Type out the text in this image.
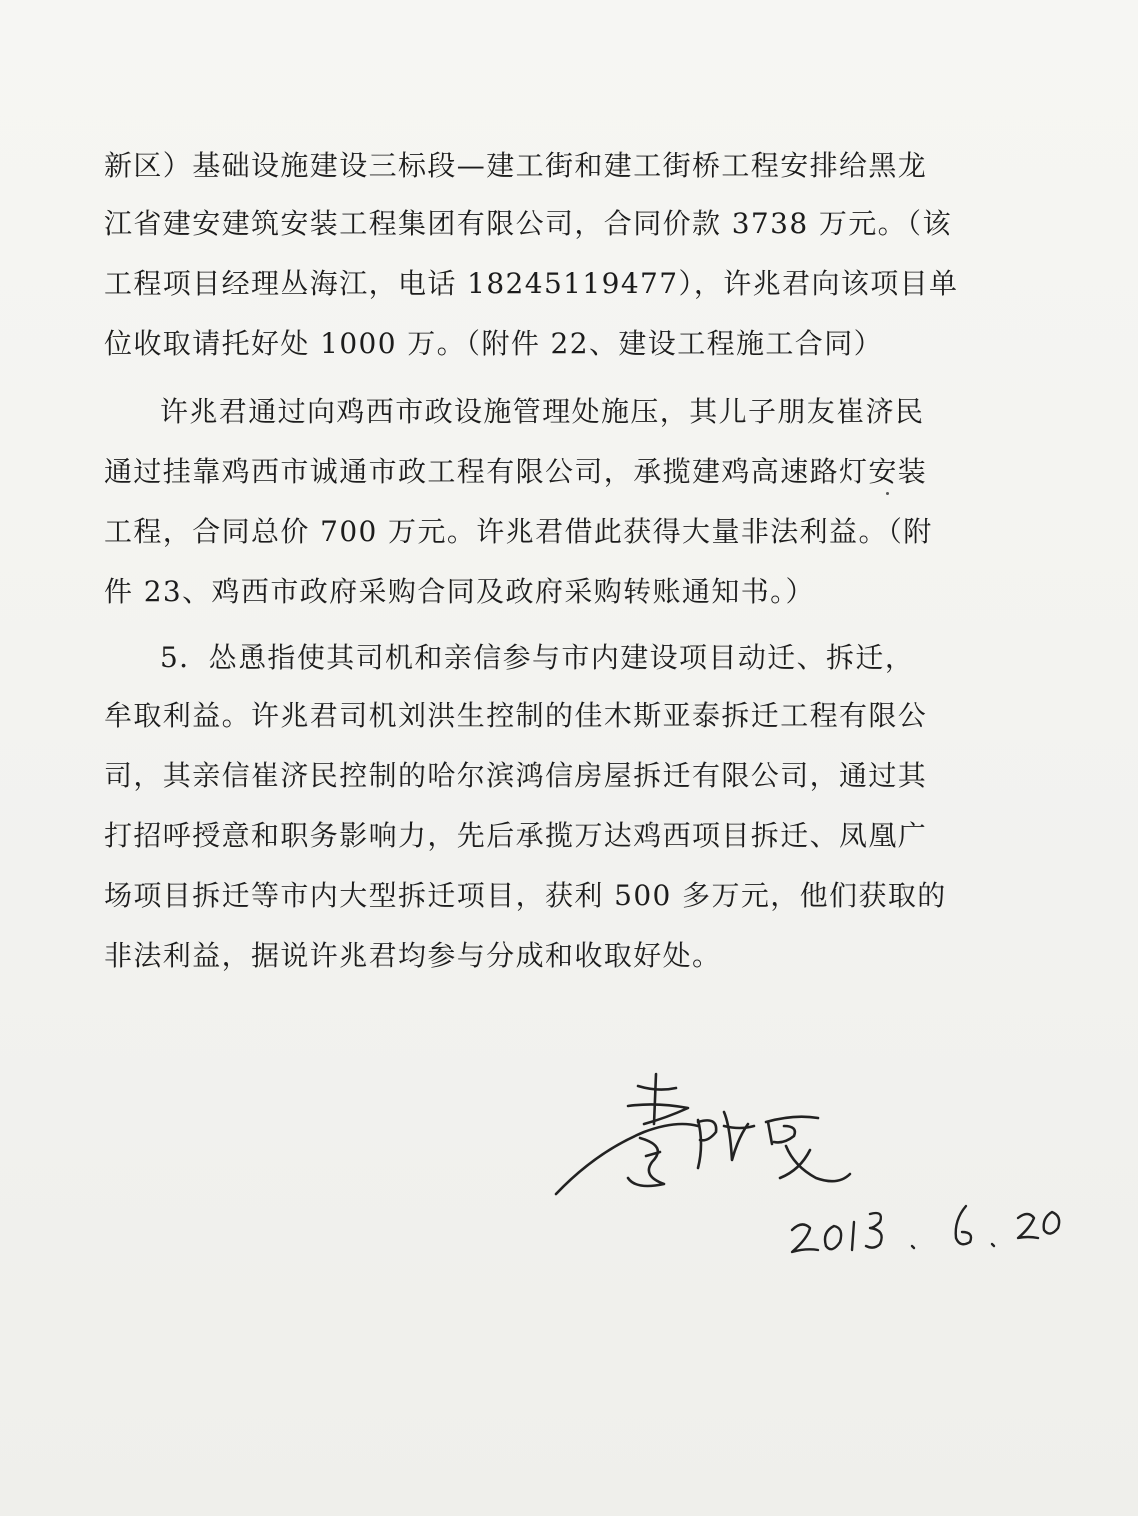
新区）基础设施建设三标段—建工街和建工街桥工程安排给黑龙
江省建安建筑安装工程集团有限公司，合同价款 3738 万元。（该
工程项目经理丛海江，电话 18245119477），许兆君向该项目单
位收取请托好处 1000 万。（附件 22、建设工程施工合同）
许兆君通过向鸡西市政设施管理处施压，其儿子朋友崔济民
通过挂靠鸡西市诚通市政工程有限公司，承揽建鸡高速路灯安装
工程，合同总价 700 万元。许兆君借此获得大量非法利益。（附
件 23、鸡西市政府采购合同及政府采购转账通知书。）
5．怂恿指使其司机和亲信参与市内建设项目动迁、拆迁，
牟取利益。许兆君司机刘洪生控制的佳木斯亚泰拆迁工程有限公
司，其亲信崔济民控制的哈尔滨鸿信房屋拆迁有限公司，通过其
打招呼授意和职务影响力，先后承揽万达鸡西项目拆迁、凤凰广
场项目拆迁等市内大型拆迁项目，获利 500 多万元，他们获取的
非法利益，据说许兆君均参与分成和收取好处。
